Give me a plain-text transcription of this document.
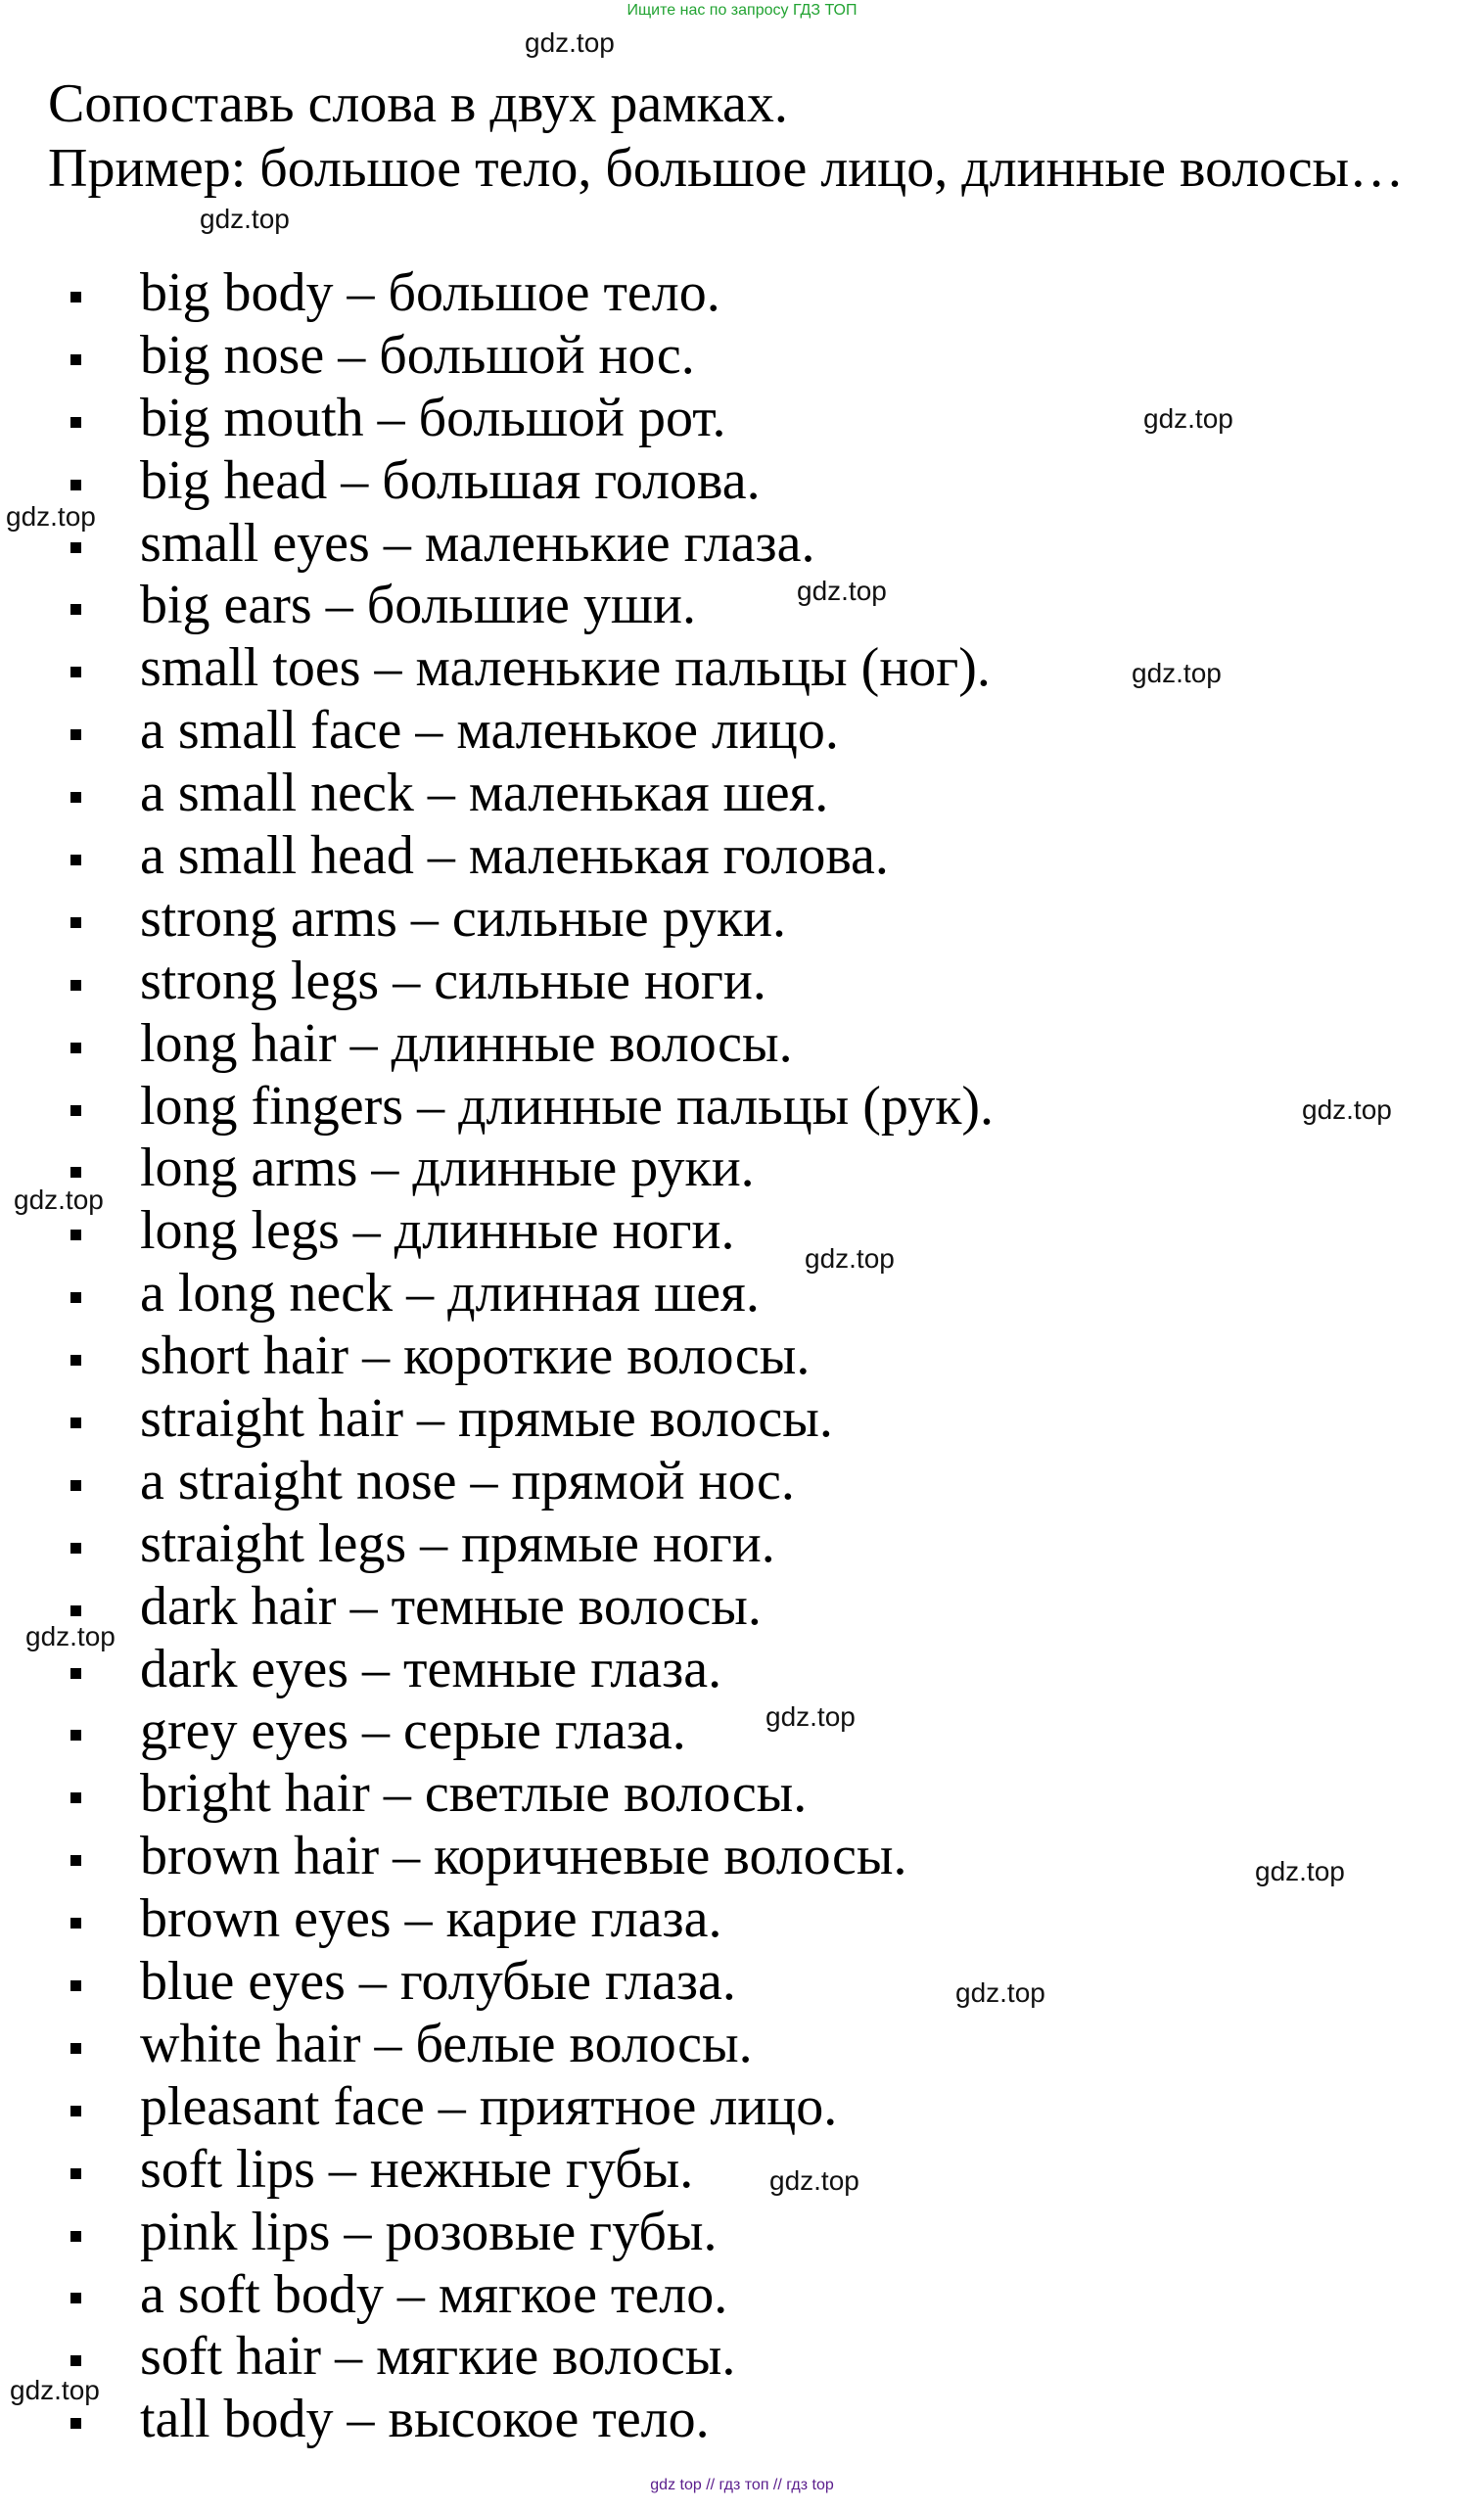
Ищите нас по запросу ГДЗ ТОП
Сопоставь слова в двух рамках.
Пример: большое тело, большое лицо, длинные волосы…
big body – большое тело.
big nose – большой нос.
big mouth – большой рот.
big head – большая голова.
small eyes – маленькие глаза.
big ears – большие уши.
small toes – маленькие пальцы (ног).
a small face – маленькое лицо.
a small neck – маленькая шея.
a small head – маленькая голова.
strong arms – сильные руки.
strong legs – сильные ноги.
long hair – длинные волосы.
long fingers – длинные пальцы (рук).
long arms – длинные руки.
long legs – длинные ноги.
a long neck – длинная шея.
short hair – короткие волосы.
straight hair – прямые волосы.
a straight nose – прямой нос.
straight legs – прямые ноги.
dark hair – темные волосы.
dark eyes – темные глаза.
grey eyes – серые глаза.
bright hair – светлые волосы.
brown hair – коричневые волосы.
brown eyes – карие глаза.
blue eyes – голубые глаза.
white hair – белые волосы.
pleasant face – приятное лицо.
soft lips – нежные губы.
pink lips – розовые губы.
a soft body – мягкое тело.
soft hair – мягкие волосы.
tall body – высокое тело.
gdz.top
gdz.top
gdz.top
gdz.top
gdz.top
gdz.top
gdz.top
gdz.top
gdz.top
gdz.top
gdz.top
gdz.top
gdz.top
gdz.top
gdz.top
gdz top // гдз топ // гдз top
